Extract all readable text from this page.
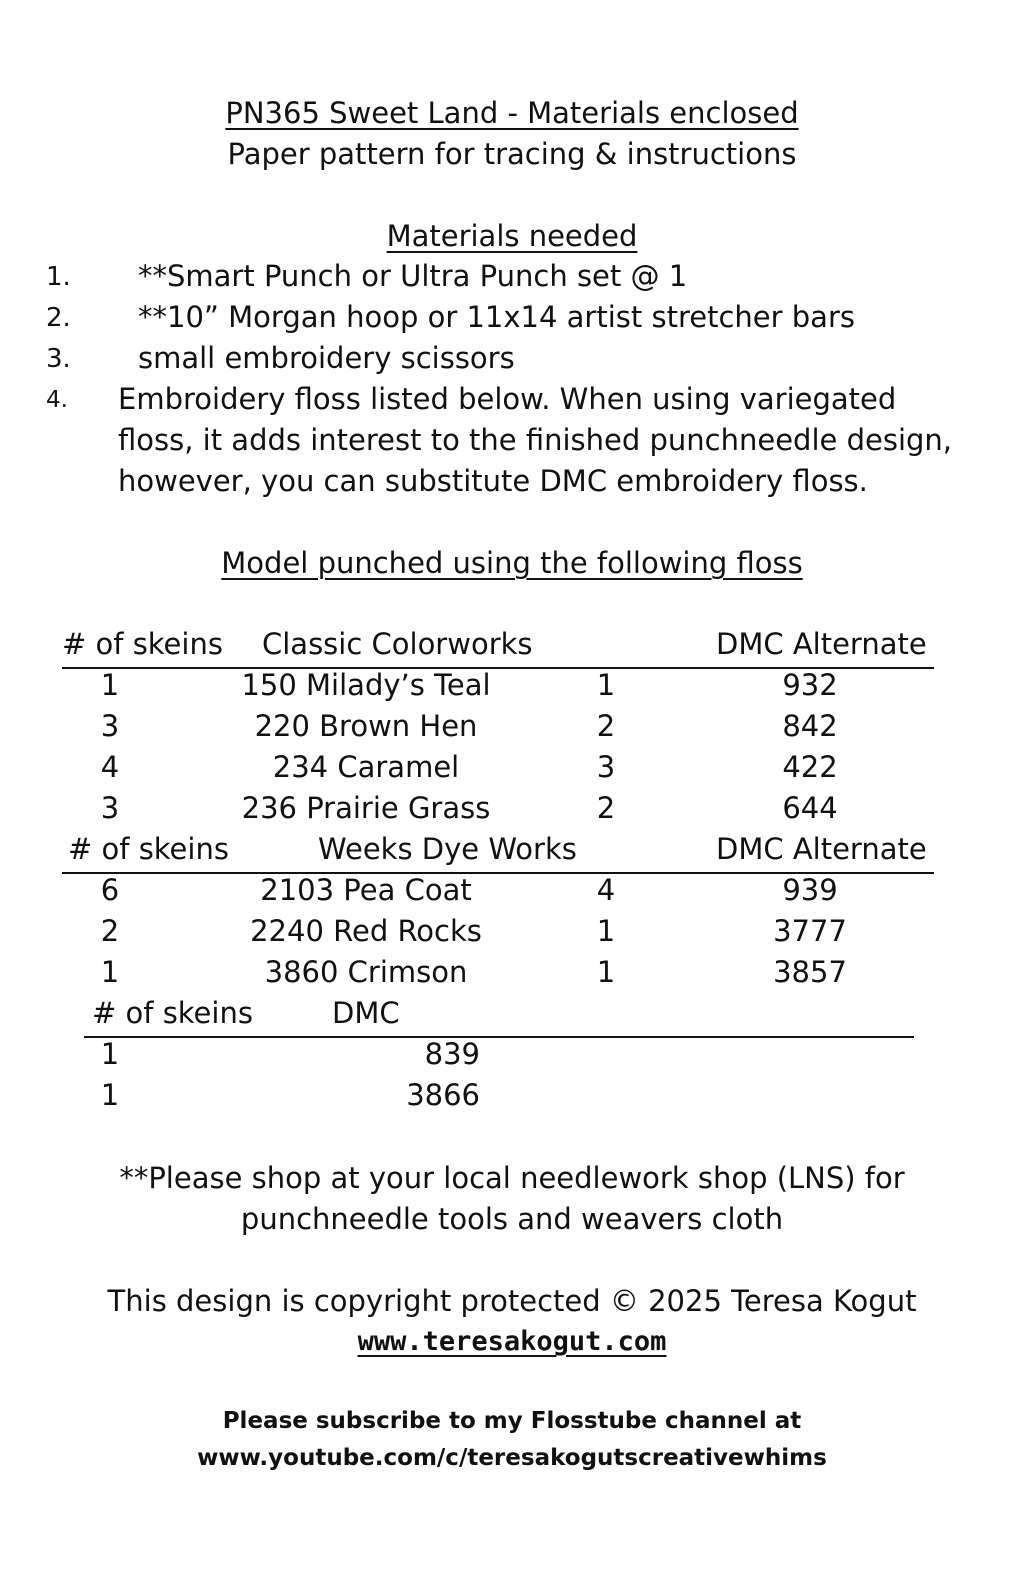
PN365 Sweet Land - Materials enclosed
Paper pattern for tracing & instructions
Materials needed
1. **Smart Punch or Ultra Punch set @ 1
2. **10” Morgan hoop or 11x14 artist stretcher bars
3. small embroidery scissors
4. Embroidery floss listed below. When using variegated
floss, it adds interest to the finished punchneedle design,
however, you can substitute DMC embroidery floss.
Model punched using the following floss
# of skeins Classic Colorworks	DMC Alternate
1	150 Milady’s Teal	1	932
3	220 Brown Hen	2	842
4	234 Caramel	3	422
3	236 Prairie Grass	2	644
# of skeins	Weeks Dye Works	DMC Alternate
6	2103 Pea Coat	4	939
2	2240 Red Rocks	1	3777
1	3860 Crimson	1	3857
# of skeins	DMC
1	839
1	3866
**Please shop at your local needlework shop (LNS) for
punchneedle tools and weavers cloth
This design is copyright protected © 2025 Teresa Kogut
www.teresakogut.com
Please subscribe to my Flosstube channel at
www.youtube.com/c/teresakogutscreativewhims
